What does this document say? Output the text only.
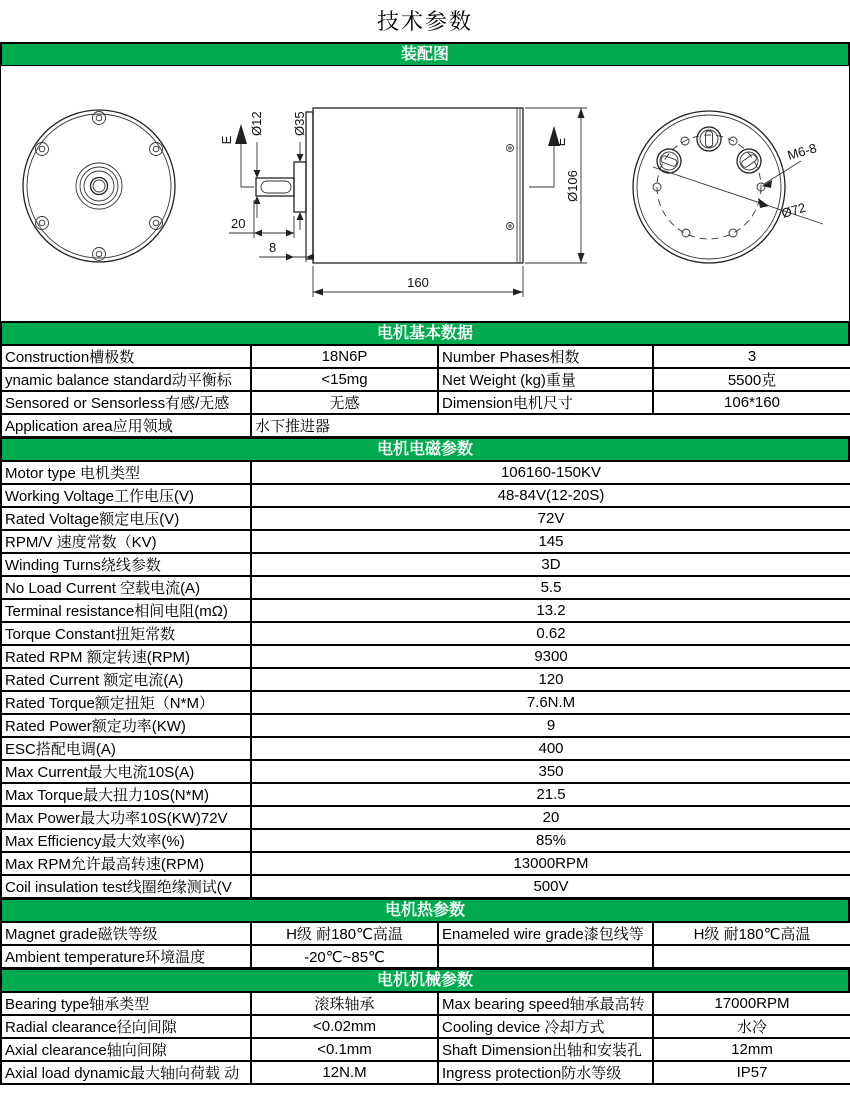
技术参数
装配图
E
Ø12 Ø35
20
8
160
Ø106
E	M6-8
Ø72
电机基本数据
Construction槽极数	18N6P	Number Phases相数	3
ynamic balance standard动平衡标	<15mg	Net Weight (kg)重量	5500克
Sensored or Sensorless有感/无感	无感	Dimension电机尺寸	106*160
Application area应用领域	水下推进器		
电机电磁参数
Motor type 电机类型	106160-150KV
Working Voltage工作电压(V)	48-84V(12-20S)
Rated Voltage额定电压(V)	72V
RPM/V 速度常数（KV)	145
Winding Turns绕线参数	3D
No Load Current 空载电流(A)	5.5
Terminal resistance相间电阻(mΩ)	13.2
Torque Constant扭矩常数	0.62
Rated RPM 额定转速(RPM)	9300
Rated Current 额定电流(A)	120
Rated Torque额定扭矩（N*M）	7.6N.M
Rated Power额定功率(KW)	9
ESC搭配电调(A)	400
Max Current最大电流10S(A)	350
Max Torque最大扭力10S(N*M)	21.5
Max Power最大功率10S(KW)72V	20
Max Efficiency最大效率(%)	85%
Max RPM允许最高转速(RPM)	13000RPM
Coil insulation test线圈绝缘测试(V	500V
电机热参数
Magnet grade磁铁等级	H级 耐180℃高温	Enameled wire grade漆包线等	H级 耐180℃高温
Ambient temperature环境温度	-20℃~85℃		
电机机械参数
Bearing type轴承类型	滚珠轴承	Max bearing speed轴承最高转	17000RPM
Radial clearance径向间隙	<0.02mm	Cooling device 冷却方式	水冷
Axial clearance轴向间隙	<0.1mm	Shaft Dimension出轴和安装孔	12mm
Axial load dynamic最大轴向荷载 动	12N.M	Ingress protection防水等级	IP57
